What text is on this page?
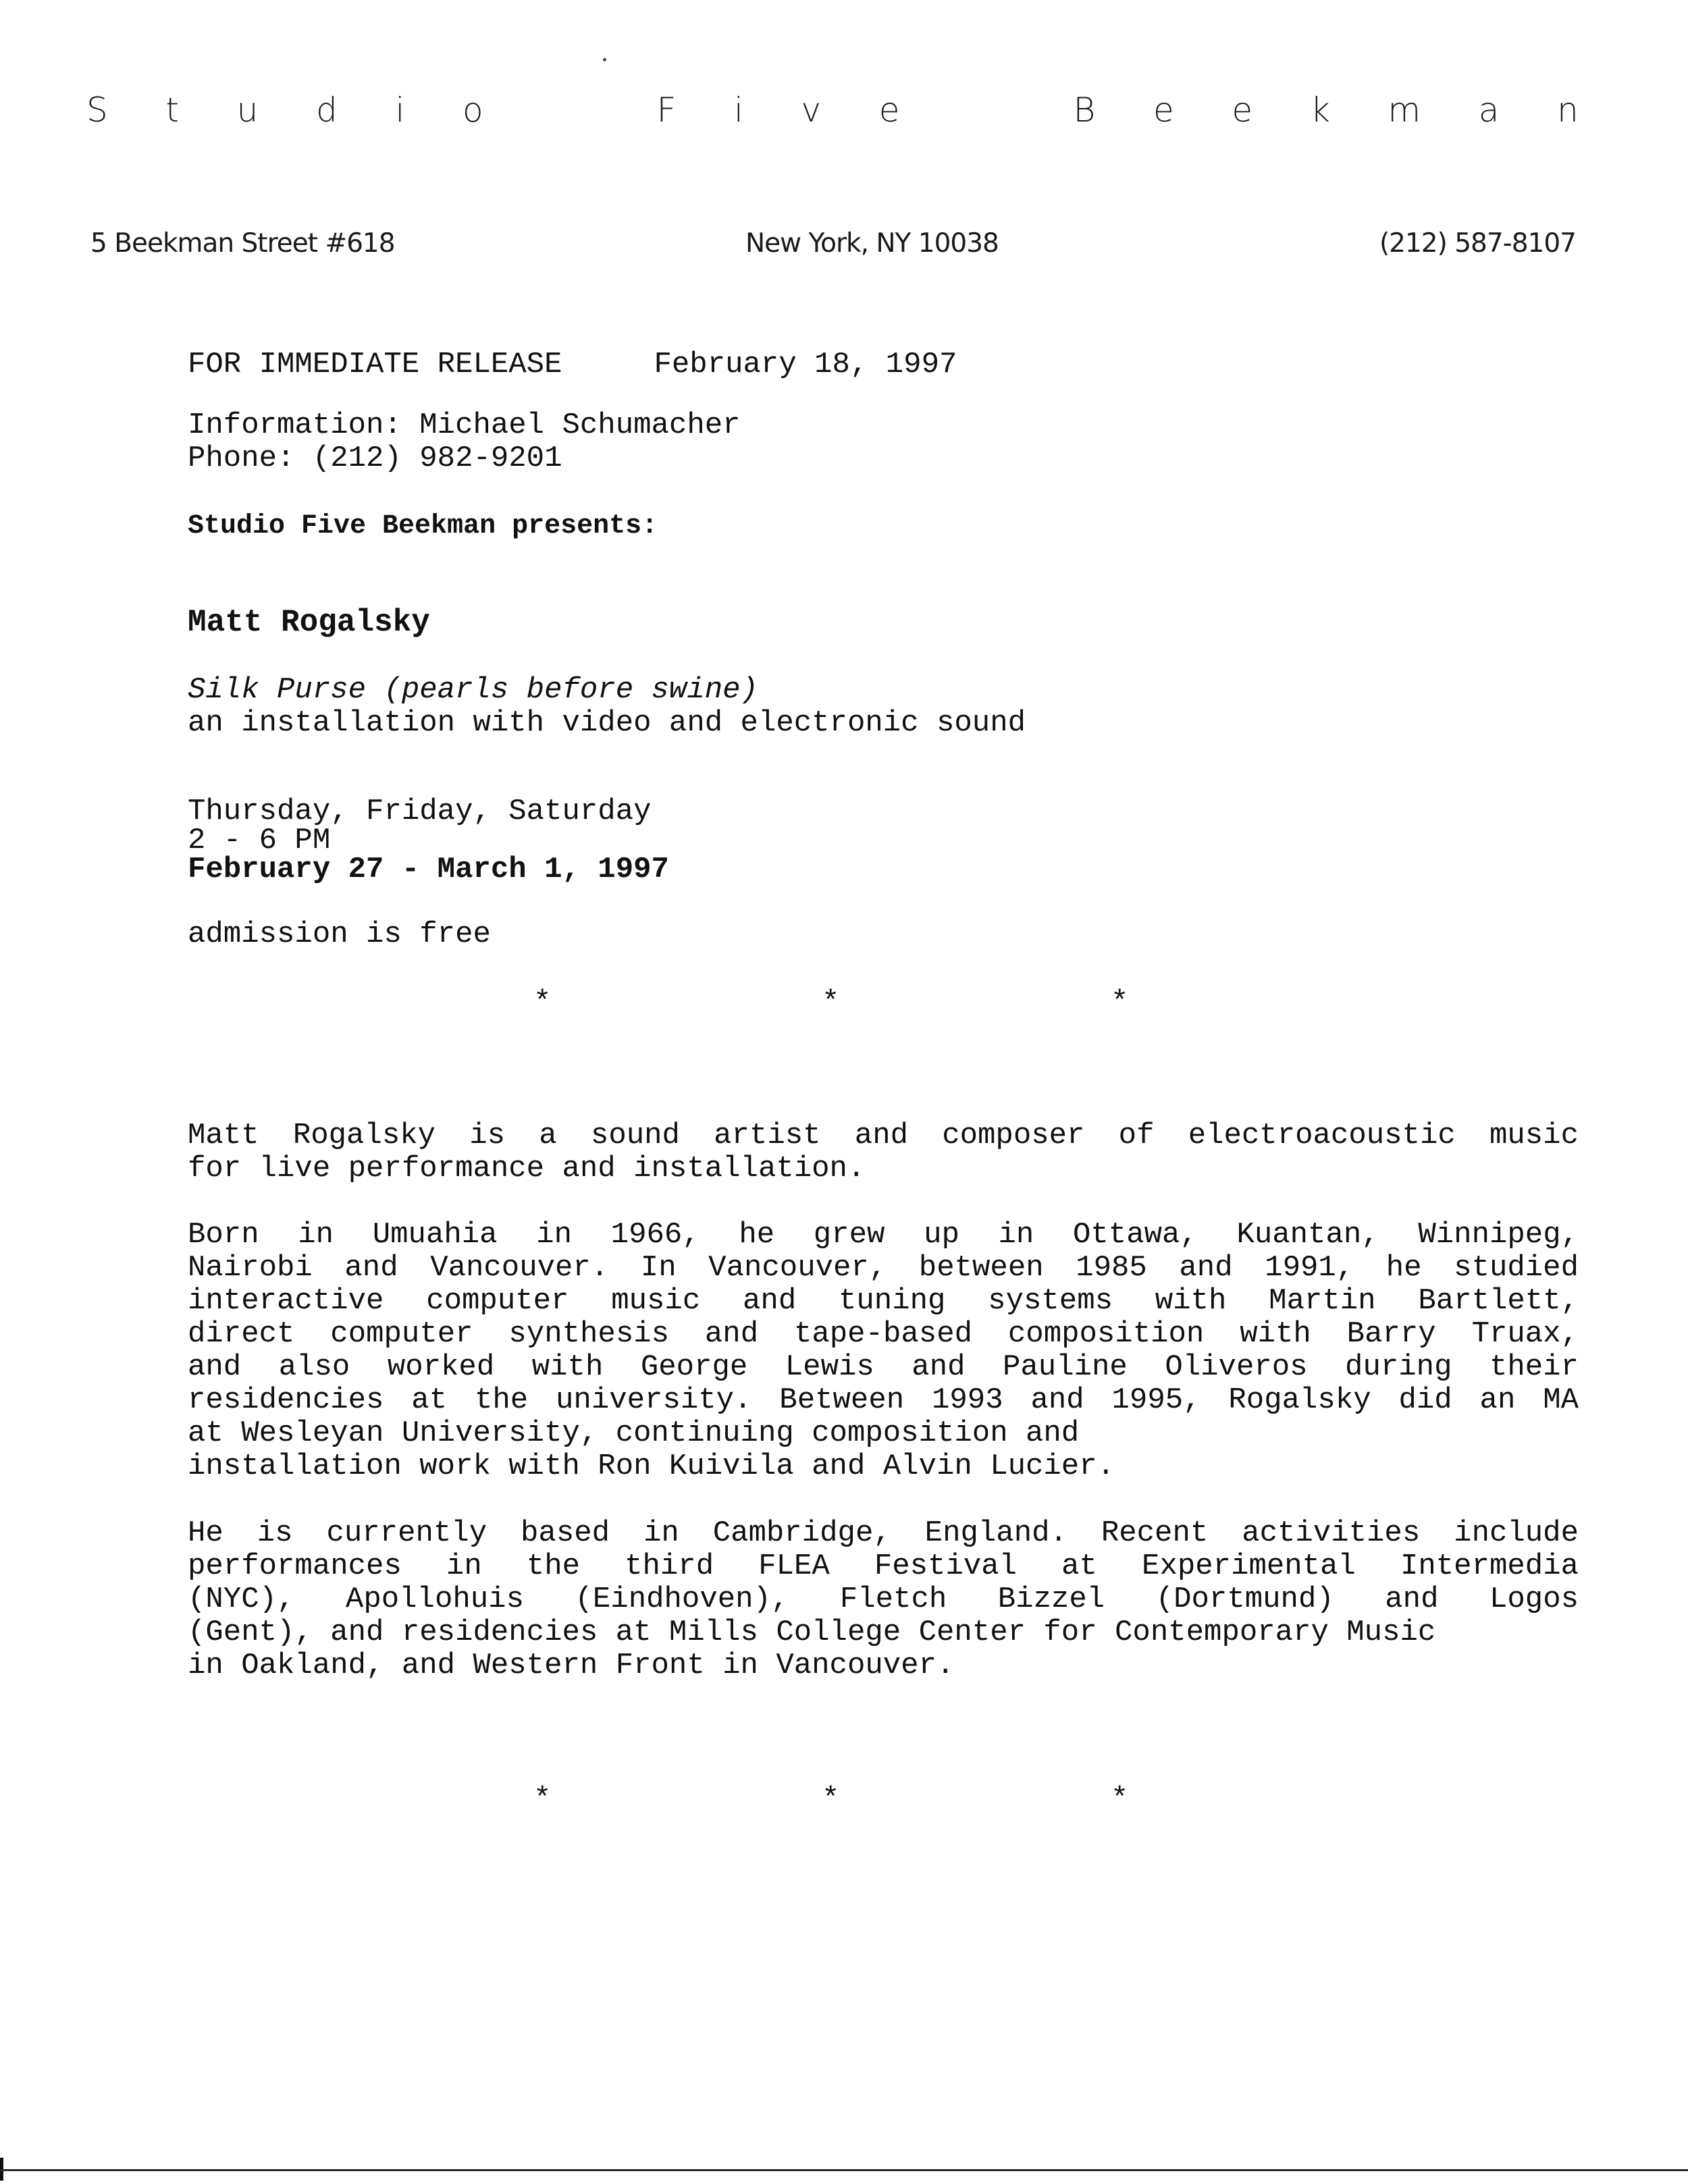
S t u d i o	F i v e	B e e k m a n
5 Beekman Street #618	New York, NY 10038	(212) 587-8107
FOR IMMEDIATE RELEASE	February 18, 1997
Information: Michael Schumacher
Phone: (212) 982-9201
Studio Five Beekman presents:
Matt Rogalsky
Silk Purse (pearls before swine)
an installation with video and electronic sound
Thursday, Friday, Saturday
2 - 6 PM
February 27 - March 1, 1997
admission is free
*	*	*
Matt Rogalsky is a sound artist and composer of electroacoustic music
for live performance and installation.
Born in Umuahia in 1966, he grew up in Ottawa, Kuantan, Winnipeg,
Nairobi and Vancouver. In Vancouver, between 1985 and 1991, he studied
interactive computer music and tuning systems with Martin Bartlett,
direct computer synthesis and tape-based composition with Barry Truax,
and also worked with George Lewis and Pauline Oliveros during their
residencies at the university. Between 1993 and 1995, Rogalsky did an MA
at Wesleyan University, continuing composition and
installation work with Ron Kuivila and Alvin Lucier.
He is currently based in Cambridge, England. Recent activities include
performances in the third FLEA Festival at Experimental Intermedia
(NYC), Apollohuis (Eindhoven), Fletch Bizzel (Dortmund) and Logos
(Gent), and residencies at Mills College Center for Contemporary Music
in Oakland, and Western Front in Vancouver.
*	*	*
